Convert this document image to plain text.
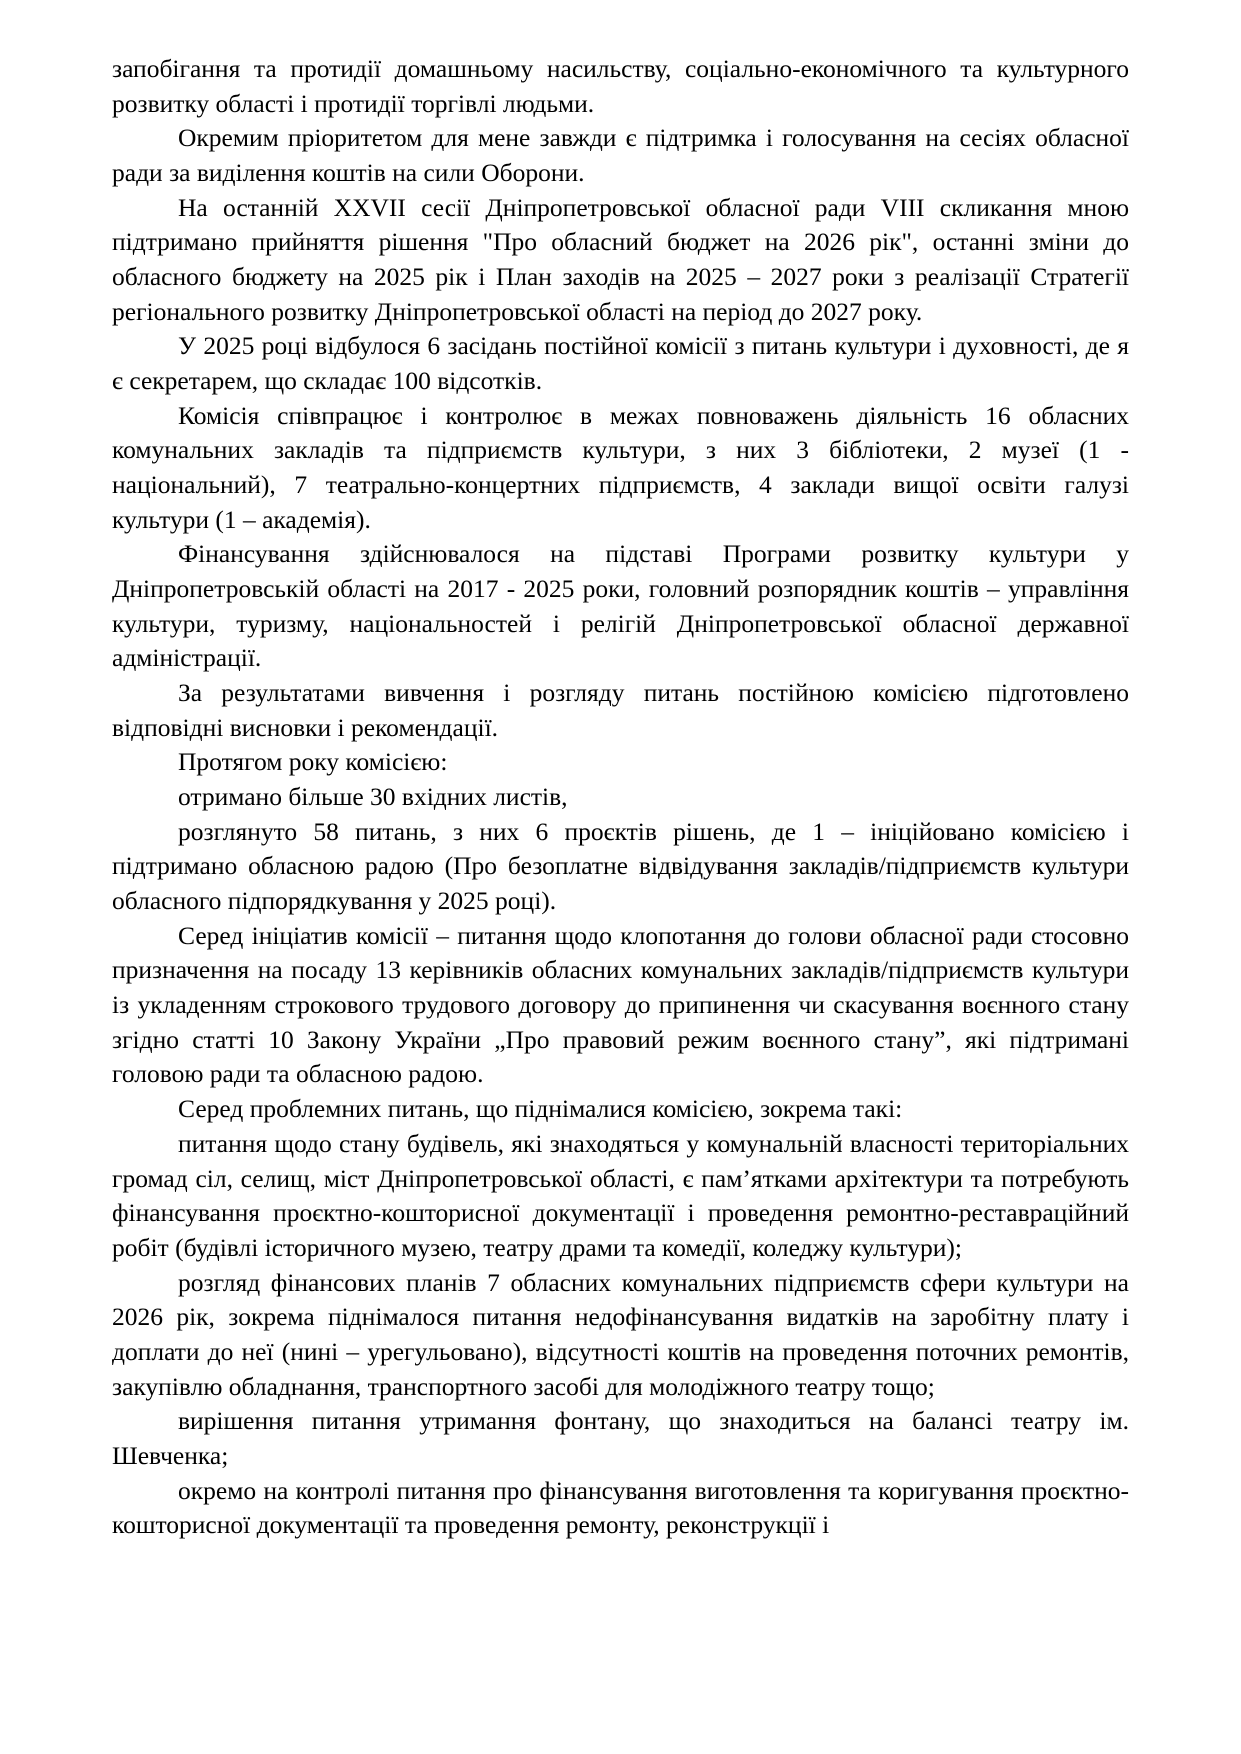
запобігання та протидії домашньому насильству, соціально-економічного та культурного розвитку області і протидії торгівлі людьми.

Окремим пріоритетом для мене завжди є підтримка і голосування на сесіях обласної ради за виділення коштів на сили Оборони.

На останній XXVII сесії Дніпропетровської обласної ради VIII скликання мною підтримано прийняття рішення "Про обласний бюджет на 2026 рік", останні зміни до обласного бюджету на 2025 рік і План заходів на 2025 – 2027 роки з реалізації Стратегії регіонального розвитку Дніпропетровської області на період до 2027 року.

У 2025 році відбулося 6 засідань постійної комісії з питань культури і духовності, де я є секретарем, що складає 100 відсотків.

Комісія співпрацює і контролює в межах повноважень діяльність 16 обласних комунальних закладів та підприємств культури, з них 3 бібліотеки, 2 музеї (1 - національний), 7 театрально-концертних підприємств, 4 заклади вищої освіти галузі культури (1 – академія).

Фінансування здійснювалося на підставі Програми розвитку культури у Дніпропетровській області на 2017 - 2025 роки, головний розпорядник коштів – управління культури, туризму, національностей і релігій Дніпропетровської обласної державної адміністрації.

За результатами вивчення і розгляду питань постійною комісією підготовлено відповідні висновки і рекомендації.

Протягом року комісією:

отримано більше 30 вхідних листів,

розглянуто 58 питань, з них 6 проєктів рішень, де 1 – ініційовано комісією і підтримано обласною радою (Про безоплатне відвідування закладів/підприємств культури обласного підпорядкування у 2025 році).

Серед ініціатив комісії – питання щодо клопотання до голови обласної ради стосовно призначення на посаду 13 керівників обласних комунальних закладів/підприємств культури із укладенням строкового трудового договору до припинення чи скасування воєнного стану згідно статті 10 Закону України „Про правовий режим воєнного стану”, які підтримані головою ради та обласною радою.

Серед проблемних питань, що піднімалися комісією, зокрема такі:

питання щодо стану будівель, які знаходяться у комунальній власності територіальних громад сіл, селищ, міст Дніпропетровської області, є пам’ятками архітектури та потребують фінансування проєктно-кошторисної документації і проведення ремонтно-реставраційний робіт (будівлі історичного музею, театру драми та комедії, коледжу культури);

розгляд фінансових планів 7 обласних комунальних підприємств сфери культури на 2026 рік, зокрема піднімалося питання недофінансування видатків на заробітну плату і доплати до неї (нині – урегульовано), відсутності коштів на проведення поточних ремонтів, закупівлю обладнання, транспортного засобі для молодіжного театру тощо;

вирішення питання утримання фонтану, що знаходиться на балансі театру ім. Шевченка;

окремо на контролі питання про фінансування виготовлення та коригування проєктно-кошторисної документації та проведення ремонту, реконструкції і
